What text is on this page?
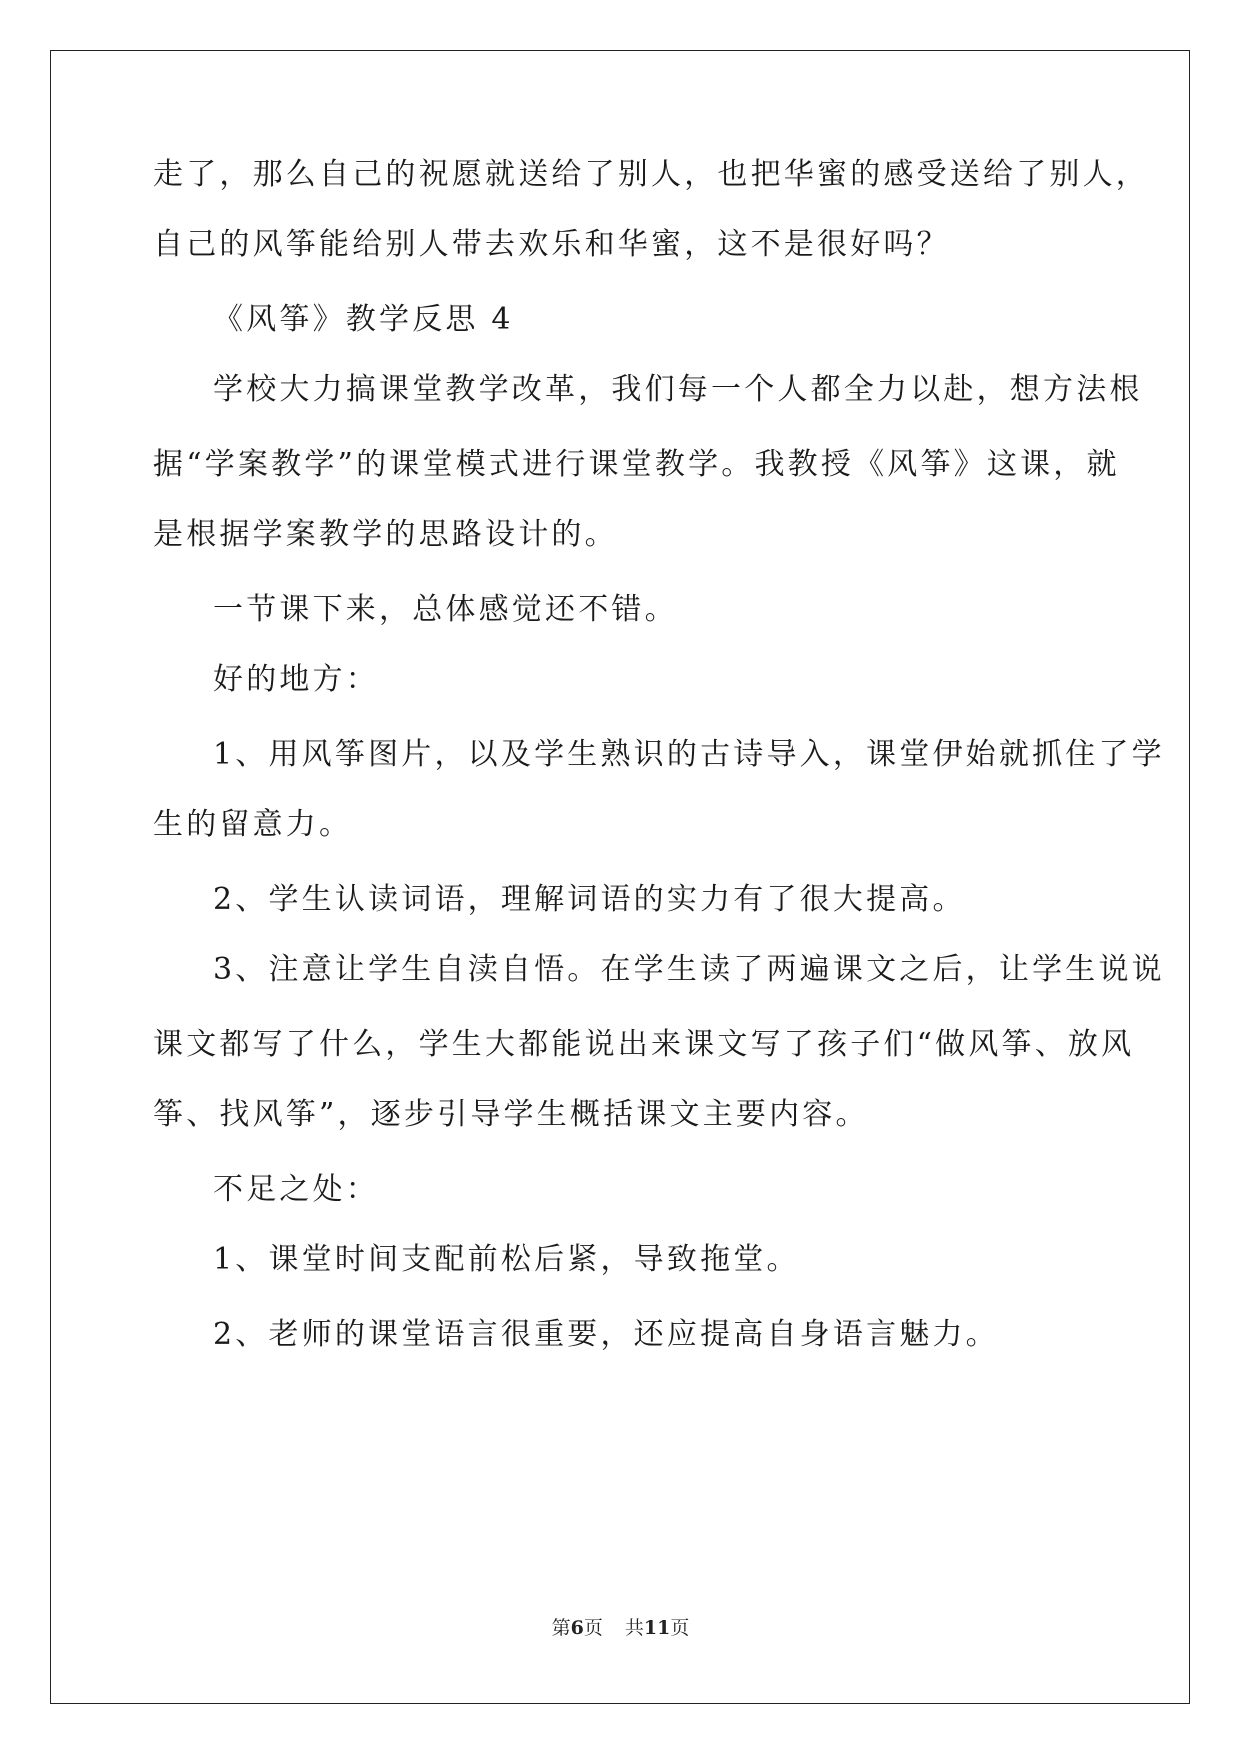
走了，那么自己的祝愿就送给了别人，也把华蜜的感受送给了别人，
自己的风筝能给别人带去欢乐和华蜜，这不是很好吗？
《风筝》教学反思 4
学校大力搞课堂教学改革，我们每一个人都全力以赴，想方法根
据“学案教学”的课堂模式进行课堂教学。我教授《风筝》这课，就
是根据学案教学的思路设计的。
一节课下来，总体感觉还不错。
好的地方：
1、用风筝图片，以及学生熟识的古诗导入，课堂伊始就抓住了学
生的留意力。
2、学生认读词语，理解词语的实力有了很大提高。
3、注意让学生自渎自悟。在学生读了两遍课文之后，让学生说说
课文都写了什么，学生大都能说出来课文写了孩子们“做风筝、放风
筝、找风筝”，逐步引导学生概括课文主要内容。
不足之处：
1、课堂时间支配前松后紧，导致拖堂。
2、老师的课堂语言很重要，还应提高自身语言魅力。
第6页 共11页
